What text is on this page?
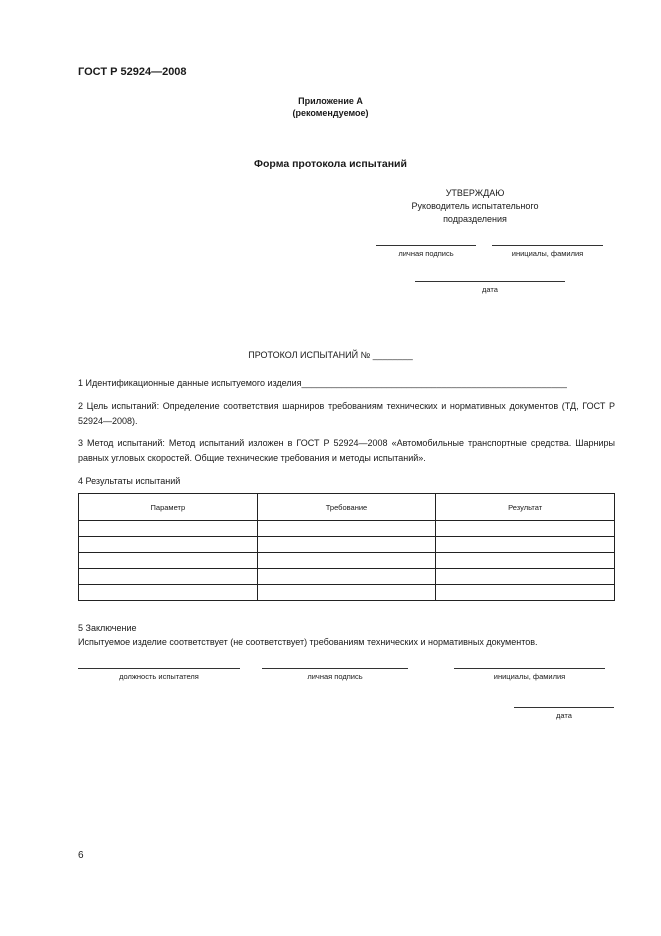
ГОСТ Р 52924—2008
Приложение А
(рекомендуемое)
Форма протокола испытаний
УТВЕРЖДАЮ
Руководитель испытательного
подразделения
личная подпись	инициалы, фамилия
дата
ПРОТОКОЛ ИСПЫТАНИЙ № ________
1 Идентификационные данные испытуемого изделия_____________________________________________________
2 Цель испытаний: Определение соответствия шарниров требованиям технических и нормативных документов (ТД, ГОСТ Р 52924—2008).
3 Метод испытаний: Метод испытаний изложен в ГОСТ Р 52924—2008 «Автомобильные транспортные средства. Шарниры равных угловых скоростей. Общие технические требования и методы испытаний».
4 Результаты испытаний
Параметр	Требование	Результат

5 Заключение
Испытуемое изделие соответствует (не соответствует) требованиям технических и нормативных документов.
должность испытателя	личная подпись	инициалы, фамилия
дата
6
